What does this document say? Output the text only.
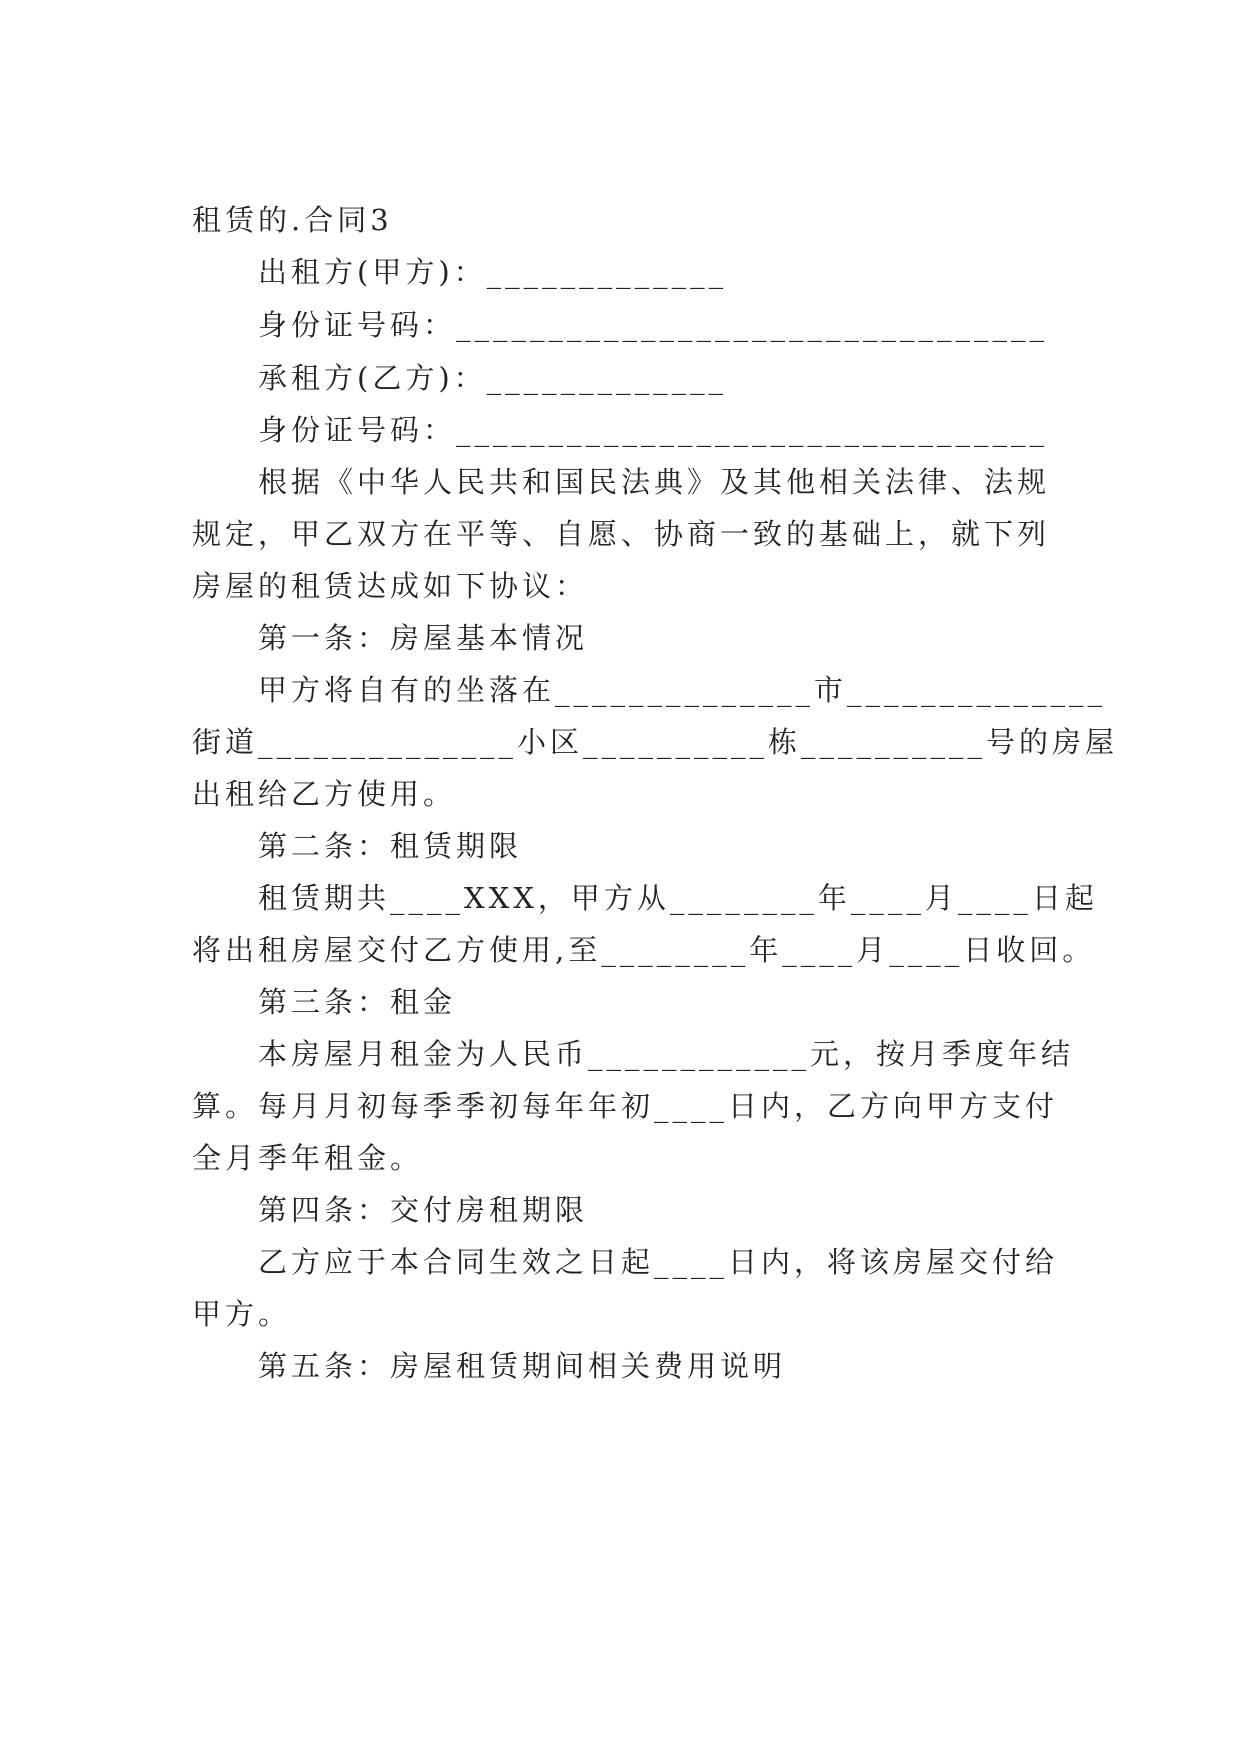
租赁的.合同3
出租方(甲方)：_____________
身份证号码：________________________________
承租方(乙方)：_____________
身份证号码：________________________________
根据《中华人民共和国民法典》及其他相关法律、法规
规定，甲乙双方在平等、自愿、协商一致的基础上，就下列
房屋的租赁达成如下协议：
第一条：房屋基本情况
甲方将自有的坐落在______________市______________
街道______________小区__________栋__________号的房屋
出租给乙方使用。
第二条：租赁期限
租赁期共____XXX，甲方从________年____月____日起
将出租房屋交付乙方使用,至________年____月____日收回。
第三条：租金
本房屋月租金为人民币____________元，按月季度年结
算。每月月初每季季初每年年初____日内，乙方向甲方支付
全月季年租金。
第四条：交付房租期限
乙方应于本合同生效之日起____日内，将该房屋交付给
甲方。
第五条：房屋租赁期间相关费用说明
